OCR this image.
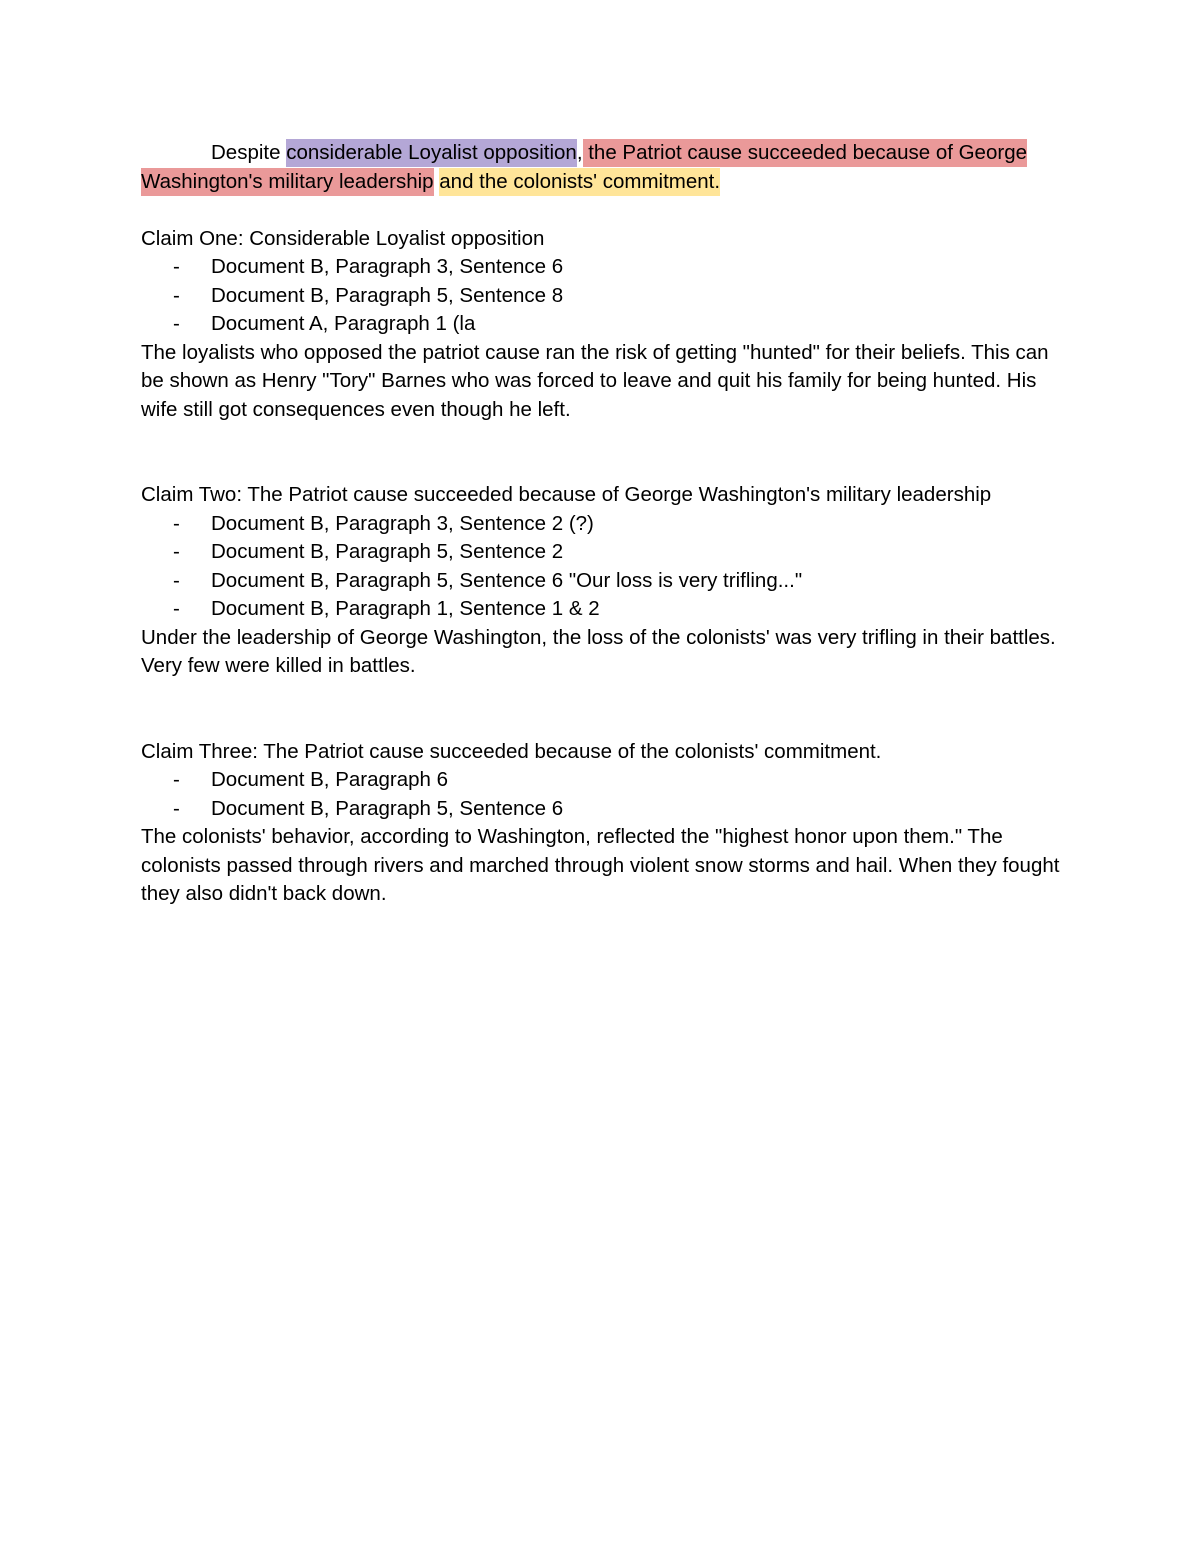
Despite considerable Loyalist opposition, the Patriot cause succeeded because of George Washington's military leadership and the colonists' commitment.

Claim One: Considerable Loyalist opposition

- Document B, Paragraph 3, Sentence 6
- Document B, Paragraph 5, Sentence 8
- Document A, Paragraph 1 (la

The loyalists who opposed the patriot cause ran the risk of getting "hunted" for their beliefs. This can be shown as Henry "Tory" Barnes who was forced to leave and quit his family for being hunted. His wife still got consequences even though he left.

Claim Two: The Patriot cause succeeded because of George Washington's military leadership

- Document B, Paragraph 3, Sentence 2 (?)
- Document B, Paragraph 5, Sentence 2
- Document B, Paragraph 5, Sentence 6 "Our loss is very trifling..."
- Document B, Paragraph 1, Sentence 1 & 2

Under the leadership of George Washington, the loss of the colonists' was very trifling in their battles. Very few were killed in battles.

Claim Three: The Patriot cause succeeded because of the colonists' commitment.

- Document B, Paragraph 6
- Document B, Paragraph 5, Sentence 6

The colonists' behavior, according to Washington, reflected the "highest honor upon them." The colonists passed through rivers and marched through violent snow storms and hail. When they fought they also didn't back down.
